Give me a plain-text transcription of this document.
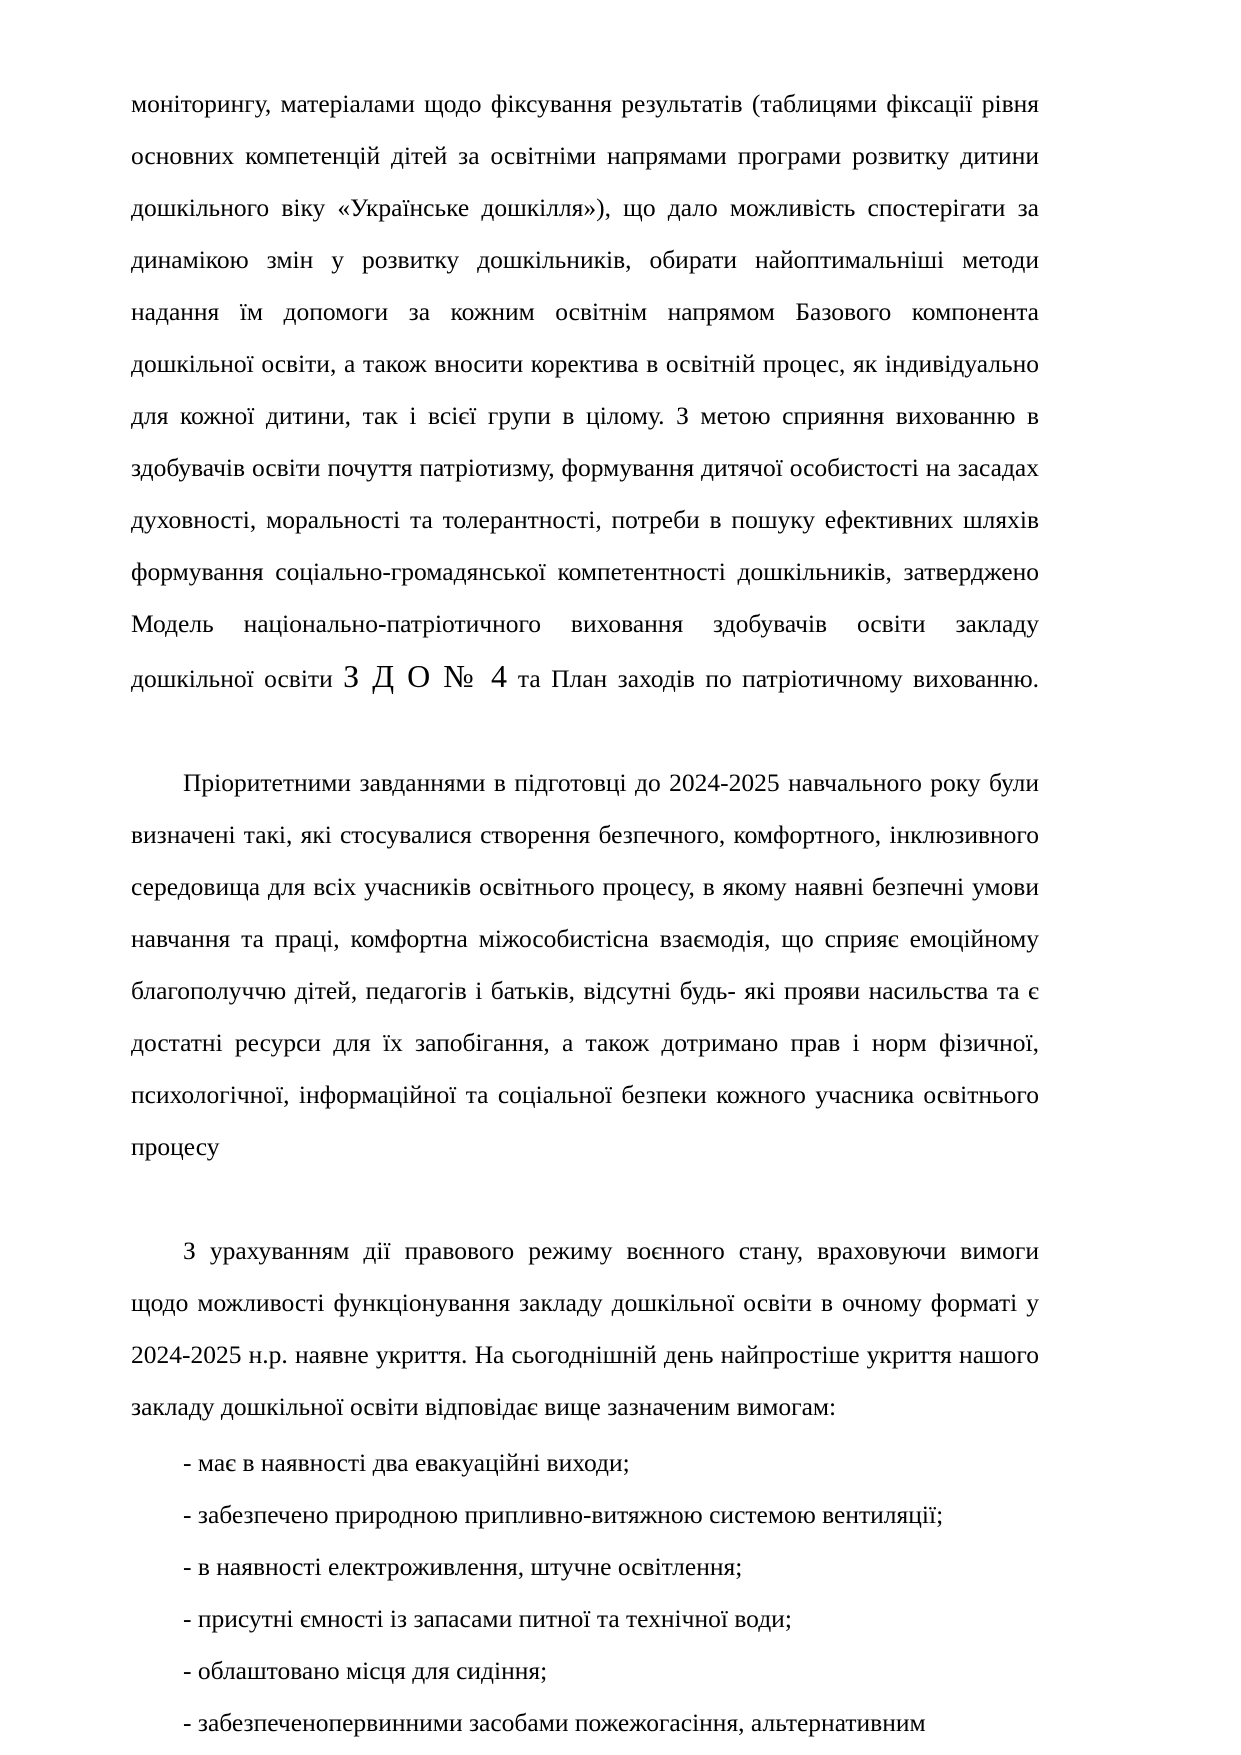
моніторингу, матеріалами щодо фіксування результатів (таблицями фіксації рівня основних компетенцій дітей за освітніми напрямами програми розвитку дитини дошкільного віку «Українське дошкілля»), що дало можливість спостерігати за динамікою змін у розвитку дошкільників, обирати найоптимальніші методи надання їм допомоги за кожним освітнім напрямом Базового компонента дошкільної освіти, а також вносити коректива в освітній процес, як індивідуально для кожної дитини, так і всієї групи в цілому. З метою сприяння вихованню в здобувачів освіти почуття патріотизму, формування дитячої особистості на засадах духовності, моральності та толерантності, потреби в пошуку ефективних шляхів формування соціально-громадянської компетентності дошкільників, затверджено Модель національно-патріотичного виховання здобувачів освіти закладу дошкільної освіти З Д О № 4 та План заходів по патріотичному вихованню.

Пріоритетними завданнями в підготовці до 2024-2025 навчального року були визначені такі, які стосувалися створення безпечного, комфортного, інклюзивного середовища для всіх учасників освітнього процесу, в якому наявні безпечні умови навчання та праці, комфортна міжособистісна взаємодія, що сприяє емоційному благополуччю дітей, педагогів і батьків, відсутні будь- які прояви насильства та є достатні ресурси для їх запобігання, а також дотримано прав і норм фізичної, психологічної, інформаційної та соціальної безпеки кожного учасника освітнього процесу

З урахуванням дії правового режиму воєнного стану, враховуючи вимоги щодо можливості функціонування закладу дошкільної освіти в очному форматі у 2024-2025 н.р. наявне укриття. На сьогоднішній день найпростіше укриття нашого закладу дошкільної освіти відповідає вище зазначеним вимогам:

- має в наявності два евакуаційні виходи;
- забезпечено природною припливно-витяжною системою вентиляції;
- в наявності електроживлення, штучне освітлення;
- присутні ємності із запасами питної та технічної води;
- облаштовано місця для сидіння;
- забезпеченопервинними засобами пожежогасіння, альтернативним
